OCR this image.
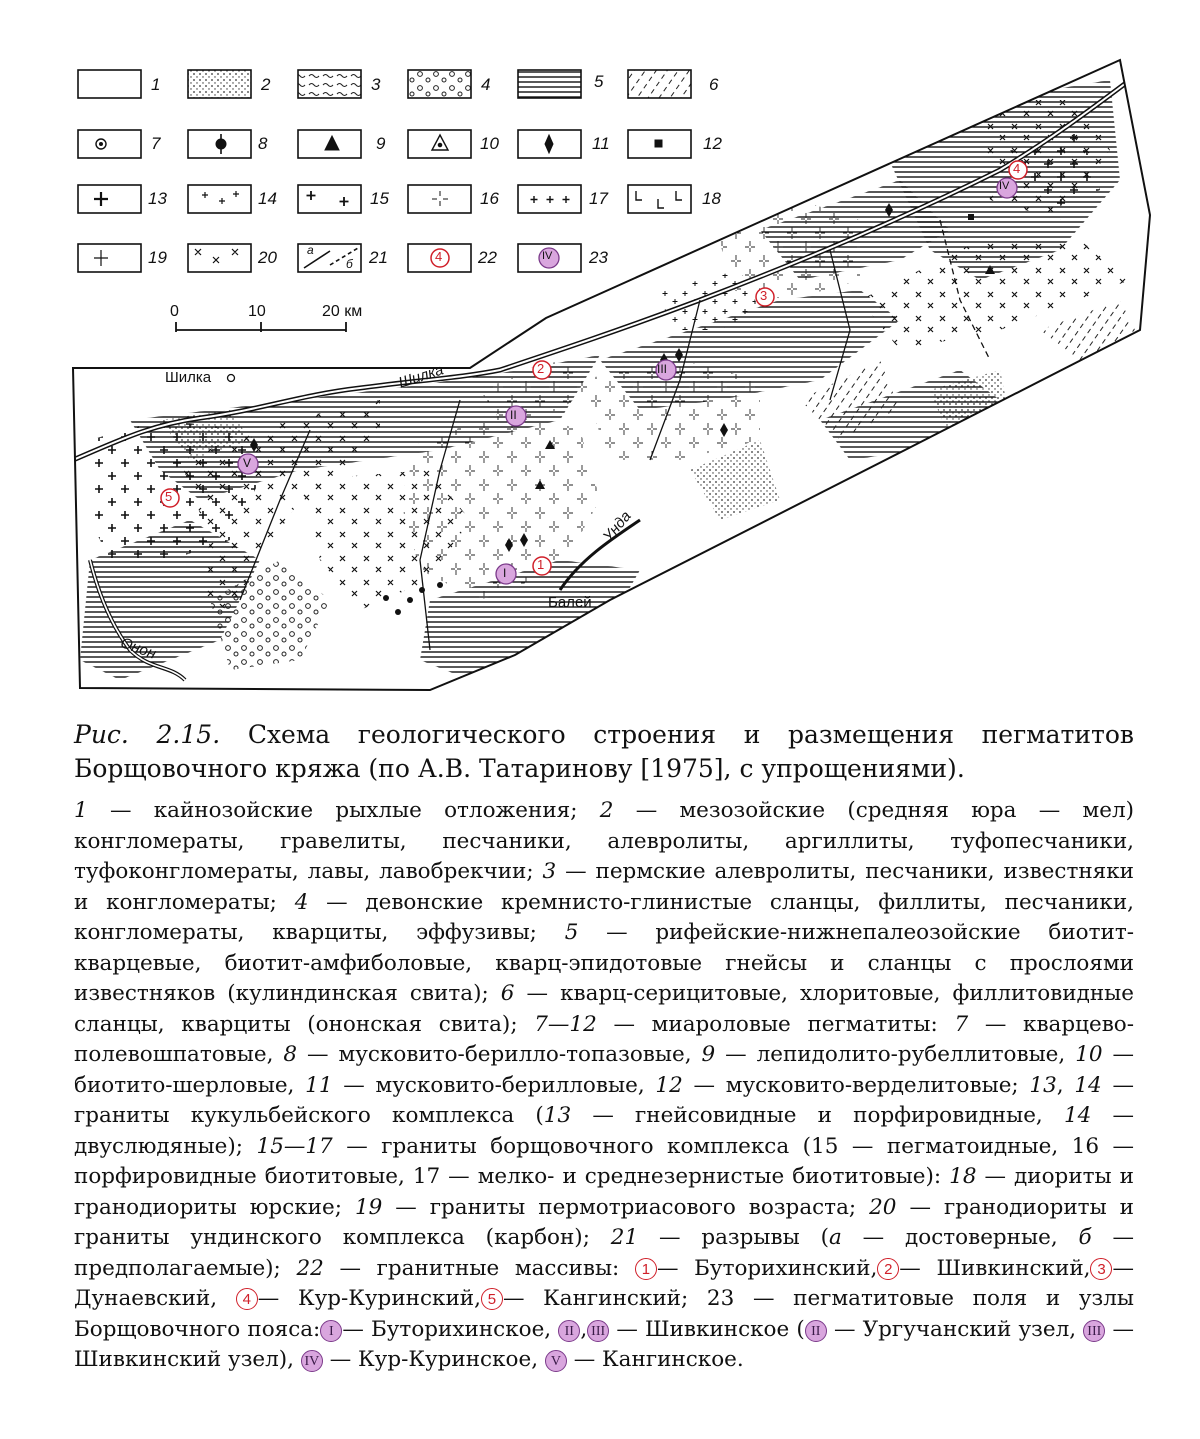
1	2	3	4	5	6
7	8	9	10	11	12
13	14	15	16	17	18
19	20	21	22	23
а
б	4	IV
0	10	20 км
Шилка	Шилка
Онон
Унда
Балей
5
2
3
4
1
I
II
III
IV
V
Рис. 2.15. Схема геологического строения и размещения пегматитов Борщовочного кряжа (по А.В. Татаринову [1975], с упрощениями).

1 — кайнозойские рыхлые отложения; 2 — мезозойские (средняя юра — мел) конгломераты, гравелиты, песчаники, алевролиты, аргиллиты, туфопесчаники, туфоконгломераты, лавы, лавобрекчии; 3 — пермские алевролиты, песчаники, известняки и конгломераты; 4 — девонские кремнисто-глинистые сланцы, филлиты, песчаники, конгломераты, кварциты, эффузивы; 5 — рифейские-нижнепалеозойские биотит-кварцевые, биотит-амфиболовые, кварц-эпидотовые гнейсы и сланцы с прослоями известняков (кулиндинская свита); 6 — кварц-серицитовые, хлоритовые, филлитовидные сланцы, кварциты (ононская свита); 7—12 — миароловые пегматиты: 7 — кварцево-полевошпатовые, 8 — мусковито-берилло-топазовые, 9 — лепидолито-рубеллитовые, 10 — биотито-шерловые, 11 — мусковито-берилловые, 12 — мусковито-верделитовые; 13, 14 — граниты кукульбейского комплекса (13 — гнейсовидные и порфировидные, 14 — двуслюдяные); 15—17 — граниты борщовочного комплекса (15 — пегматоидные, 16 — порфировидные биотитовые, 17 — мелко- и среднезернистые биотитовые): 18 — диориты и гранодиориты юрские; 19 — граниты пермотриасового возраста; 20 — гранодиориты и граниты ундинского комплекса (карбон); 21 — разрывы (а — достоверные, б — предполагаемые); 22 — гранитные массивы: 1 — Буторихинский, 2 — Шивкинский, 3 — Дунаевский, 4 — Кур-Куринский, 5 — Кангинский; 23 — пегматитовые поля и узлы Борщовочного пояса: I — Буторихинское, II , III — Шивкинское ( II — Ургучанский узел, III — Шивкинский узел), IV — Кур-Куринское, V — Кангинское.
